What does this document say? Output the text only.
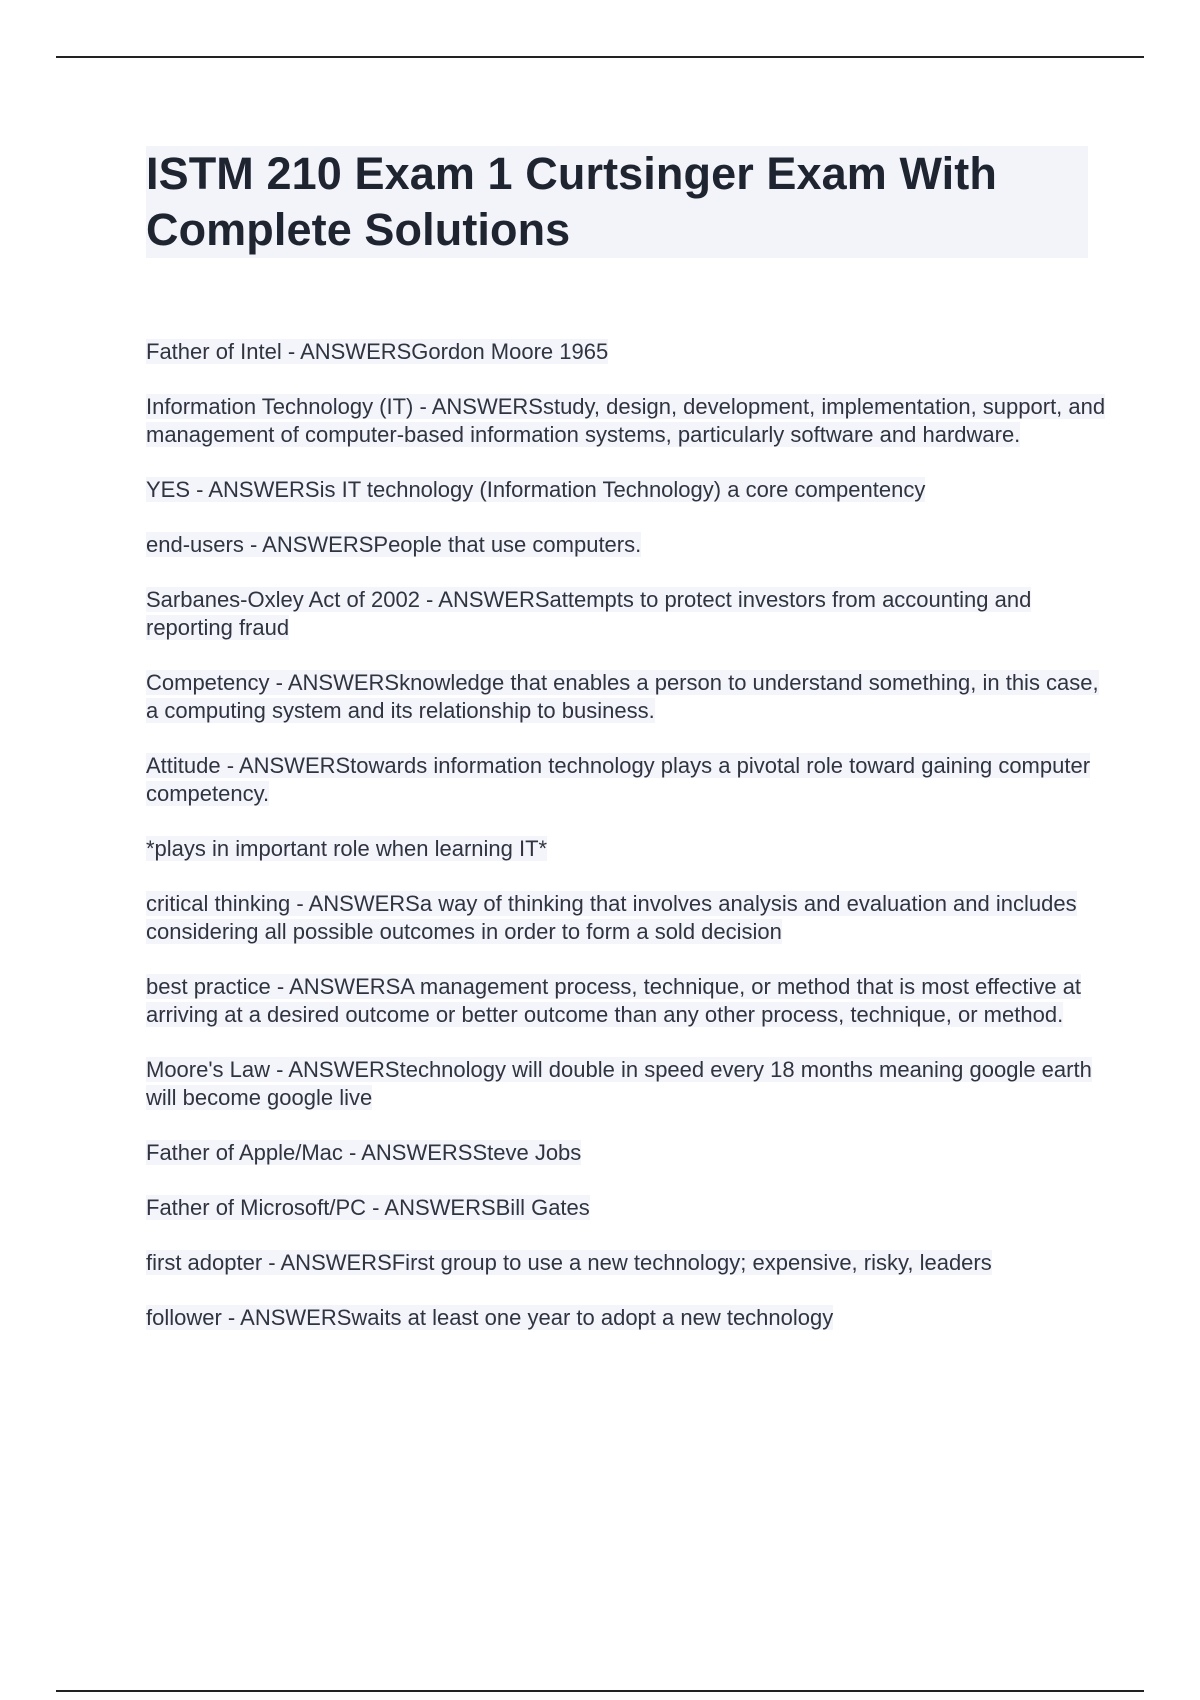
ISTM 210 Exam 1 Curtsinger Exam With Complete Solutions

Father of Intel - ANSWERSGordon Moore 1965

Information Technology (IT) - ANSWERSstudy, design, development, implementation, support, and management of computer-based information systems, particularly software and hardware.

YES - ANSWERSis IT technology (Information Technology) a core compentency

end-users - ANSWERSPeople that use computers.

Sarbanes-Oxley Act of 2002 - ANSWERSattempts to protect investors from accounting and reporting fraud

Competency - ANSWERSknowledge that enables a person to understand something, in this case, a computing system and its relationship to business.

Attitude - ANSWERStowards information technology plays a pivotal role toward gaining computer competency.

*plays in important role when learning IT*

critical thinking - ANSWERSa way of thinking that involves analysis and evaluation and includes considering all possible outcomes in order to form a sold decision

best practice - ANSWERSA management process, technique, or method that is most effective at arriving at a desired outcome or better outcome than any other process, technique, or method.

Moore's Law - ANSWERStechnology will double in speed every 18 months meaning google earth will become google live

Father of Apple/Mac - ANSWERSSteve Jobs

Father of Microsoft/PC - ANSWERSBill Gates

first adopter - ANSWERSFirst group to use a new technology; expensive, risky, leaders

follower - ANSWERSwaits at least one year to adopt a new technology
